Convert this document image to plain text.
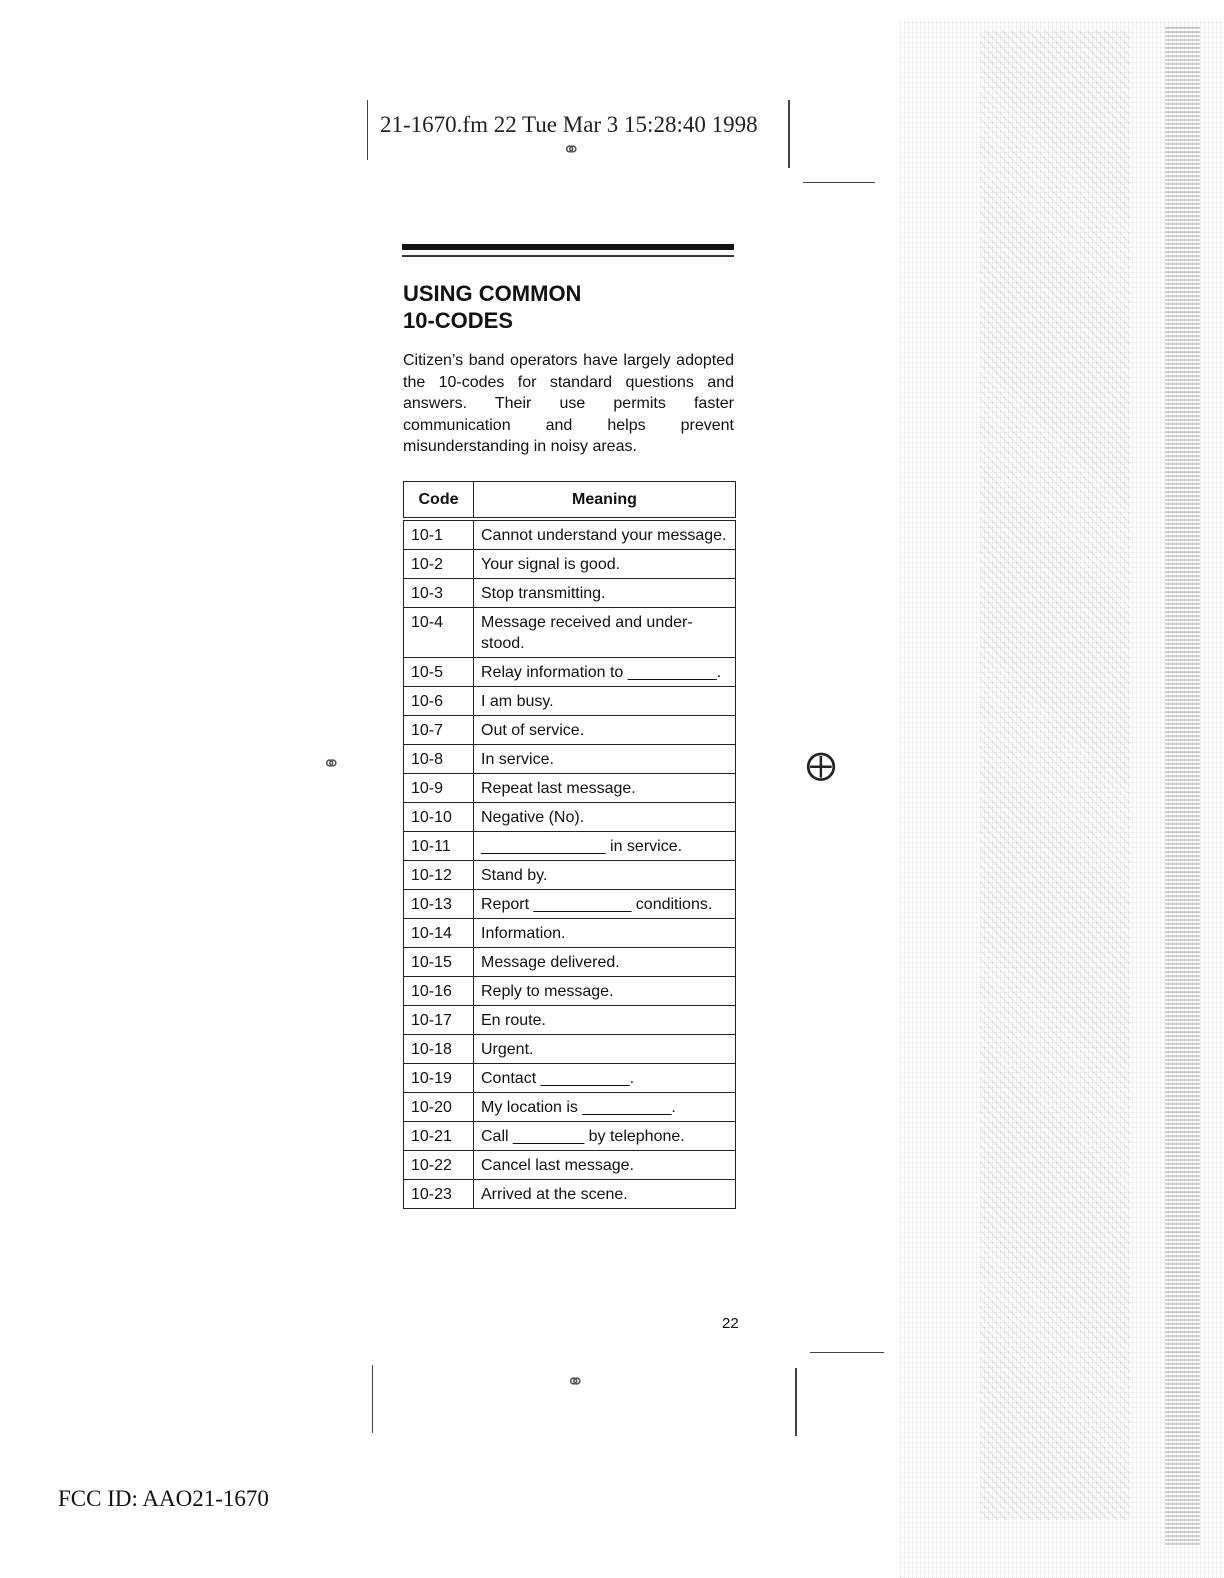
⚭
⚭	⨁
⚭
21-1670.fm 22 Tue Mar 3 15:28:40 1998
USING COMMON
10-CODES
Citizen’s band operators have largely adopted the 10-codes for standard questions and answers. Their use permits faster communication and helps prevent misunderstanding in noisy areas.
Code	Meaning
10-1	Cannot understand your message.
10-2	Your signal is good.
10-3	Stop transmitting.
10-4	Message received and understood.
10-5	Relay information to __________.
10-6	I am busy.
10-7	Out of service.
10-8	In service.
10-9	Repeat last message.
10-10	Negative (No).
10-11	______________ in service.
10-12	Stand by.
10-13	Report ___________ conditions.
10-14	Information.
10-15	Message delivered.
10-16	Reply to message.
10-17	En route.
10-18	Urgent.
10-19	Contact __________.
10-20	My location is __________.
10-21	Call ________ by telephone.
10-22	Cancel last message.
10-23	Arrived at the scene.
22
FCC ID: AAO21-1670
